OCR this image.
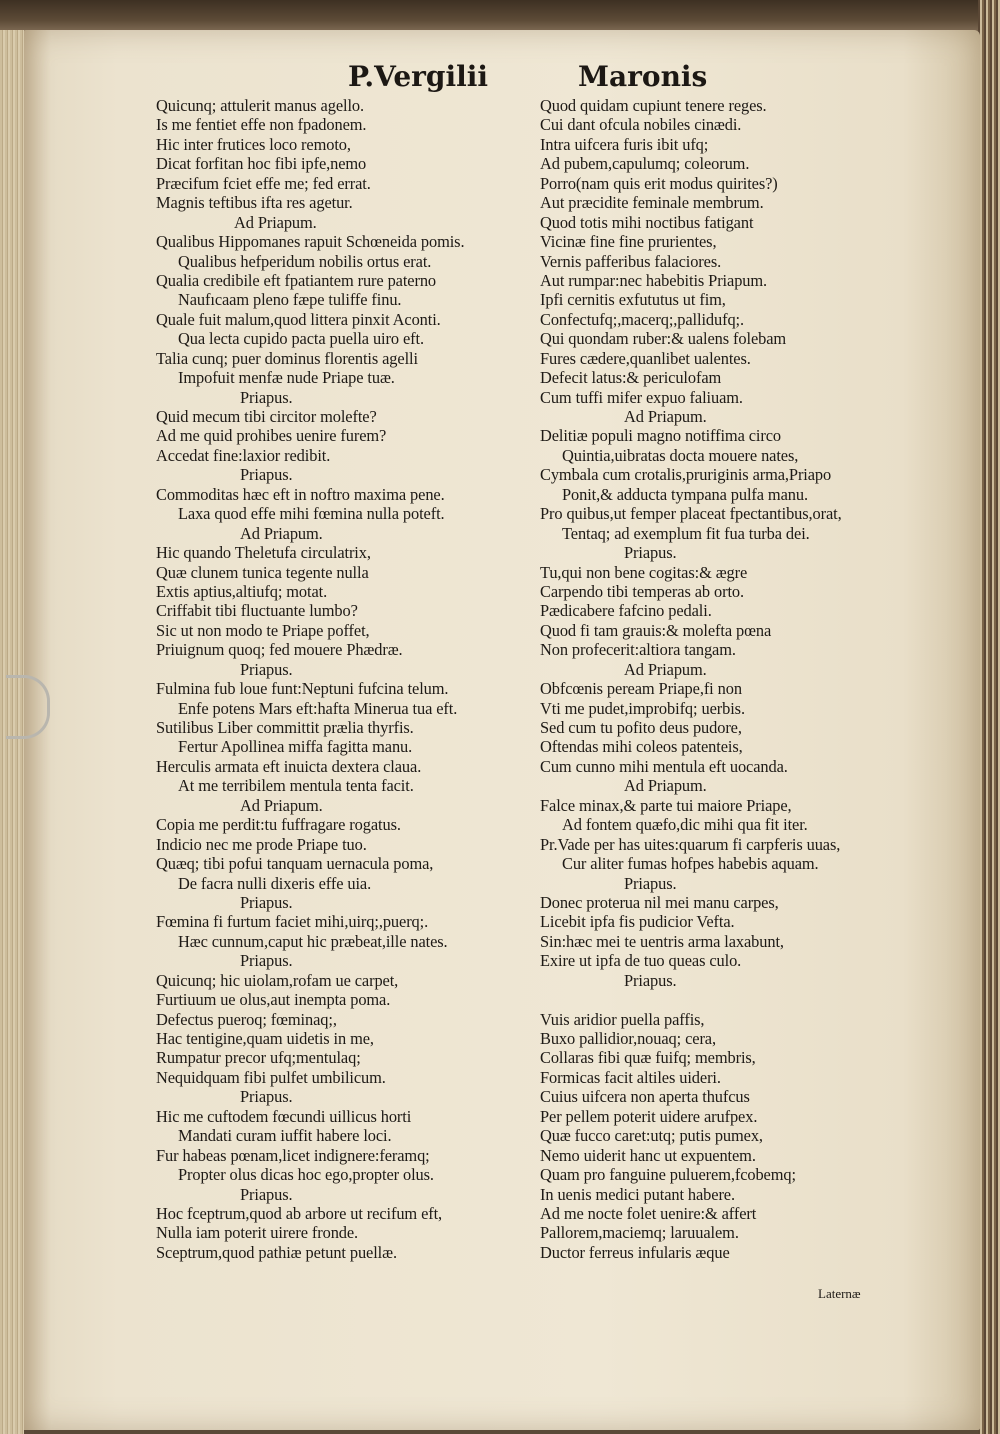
P.Vergilii	Maronis
Quicunq; attulerit manus agello.
Is me fentiet effe non fpadonem.
Hic inter frutices loco remoto,
Dicat forfitan hoc fibi ipfe,nemo
Præcifum fciet effe me; fed errat.
Magnis teftibus ifta res agetur.
Ad Priapum.
Qualibus Hippomanes rapuit Schœneida pomis.
Qualibus hefperidum nobilis ortus erat.
Qualia credibile eft fpatiantem rure paterno
Naufıcaam pleno fæpe tuliffe finu.
Quale fuit malum,quod littera pinxit Aconti.
Qua lecta cupido pacta puella uiro eft.
Talia cunq; puer dominus florentis agelli
Impofuit menfæ nude Priape tuæ.
Priapus.
Quid mecum tibi circitor molefte?
Ad me quid prohibes uenire furem?
Accedat fine:laxior redibit.
Priapus.
Commoditas hæc eft in noftro maxima pene.
Laxa quod effe mihi fœmina nulla poteft.
Ad Priapum.
Hic quando Theletufa circulatrix,
Quæ clunem tunica tegente nulla
Extis aptius,altiufq; motat.
Criffabit tibi fluctuante lumbo?
Sic ut non modo te Priape poffet,
Priuignum quoq; fed mouere Phædræ.
Priapus.
Fulmina fub loue funt:Neptuni fufcina telum.
Enfe potens Mars eft:hafta Minerua tua eft.
Sutilibus Liber committit prælia thyrfis.
Fertur Apollinea miffa fagitta manu.
Herculis armata eft inuicta dextera claua.
At me terribilem mentula tenta facit.
Ad Priapum.
Copia me perdit:tu fuffragare rogatus.
Indicio nec me prode Priape tuo.
Quæq; tibi pofui tanquam uernacula poma,
De facra nulli dixeris effe uia.
Priapus.
Fœmina fi furtum faciet mihi,uirq;,puerq;.
Hæc cunnum,caput hic præbeat,ille nates.
Priapus.
Quicunq; hic uiolam,rofam ue carpet,
Furtiuum ue olus,aut inempta poma.
Defectus pueroq; fœminaq;,
Hac tentigine,quam uidetis in me,
Rumpatur precor ufq;mentulaq;
Nequidquam fibi pulfet umbilicum.
Priapus.
Hic me cuftodem fœcundi uillicus horti
Mandati curam iuffit habere loci.
Fur habeas pœnam,licet indignere:feramq;
Propter olus dicas hoc ego,propter olus.
Priapus.
Hoc fceptrum,quod ab arbore ut recifum eft,
Nulla iam poterit uirere fronde.
Sceptrum,quod pathiæ petunt puellæ.
Quod quidam cupiunt tenere reges.
Cui dant ofcula nobiles cinædi.
Intra uifcera furis ibit ufq;
Ad pubem,capulumq; coleorum.
Porro(nam quis erit modus quirites?)
Aut præcidite feminale membrum.
Quod totis mihi noctibus fatigant
Vicinæ fine fine prurientes,
Vernis pafferibus falaciores.
Aut rumpar:nec habebitis Priapum.
Ipfi cernitis exfututus ut fim,
Confectufq;,macerq;,pallidufq;.
Qui quondam ruber:& ualens folebam
Fures cædere,quanlibet ualentes.
Defecit latus:& periculofam
Cum tuffi mifer expuo faliuam.
Ad Priapum.
Delitiæ populi magno notiffima circo
Quintia,uibratas docta mouere nates,
Cymbala cum crotalis,pruriginis arma,Priapo
Ponit,& adducta tympana pulfa manu.
Pro quibus,ut femper placeat fpectantibus,orat,
Tentaq; ad exemplum fit fua turba dei.
Priapus.
Tu,qui non bene cogitas:& ægre
Carpendo tibi temperas ab orto.
Pædicabere fafcino pedali.
Quod fi tam grauis:& molefta pœna
Non profecerit:altiora tangam.
Ad Priapum.
Obfcœnis peream Priape,fi non
Vti me pudet,improbifq; uerbis.
Sed cum tu pofito deus pudore,
Oftendas mihi coleos patenteis,
Cum cunno mihi mentula eft uocanda.
Ad Priapum.
Falce minax,& parte tui maiore Priape,
Ad fontem quæfo,dic mihi qua fit iter.
Pr.Vade per has uites:quarum fi carpferis uuas,
Cur aliter fumas hofpes habebis aquam.
Priapus.
Donec proterua nil mei manu carpes,
Licebit ipfa fis pudicior Vefta.
Sin:hæc mei te uentris arma laxabunt,
Exire ut ipfa de tuo queas culo.
Priapus.
Vuis aridior puella paffis,
Buxo pallidior,nouaq; cera,
Collaras fibi quæ fuifq; membris,
Formicas facit altiles uideri.
Cuius uifcera non aperta thufcus
Per pellem poterit uidere arufpex.
Quæ fucco caret:utq; putis pumex,
Nemo uiderit hanc ut expuentem.
Quam pro fanguine puluerem,fcobemq;
In uenis medici putant habere.
Ad me nocte folet uenire:& affert
Pallorem,maciemq; laruualem.
Ductor ferreus infularis æque
Laternæ
